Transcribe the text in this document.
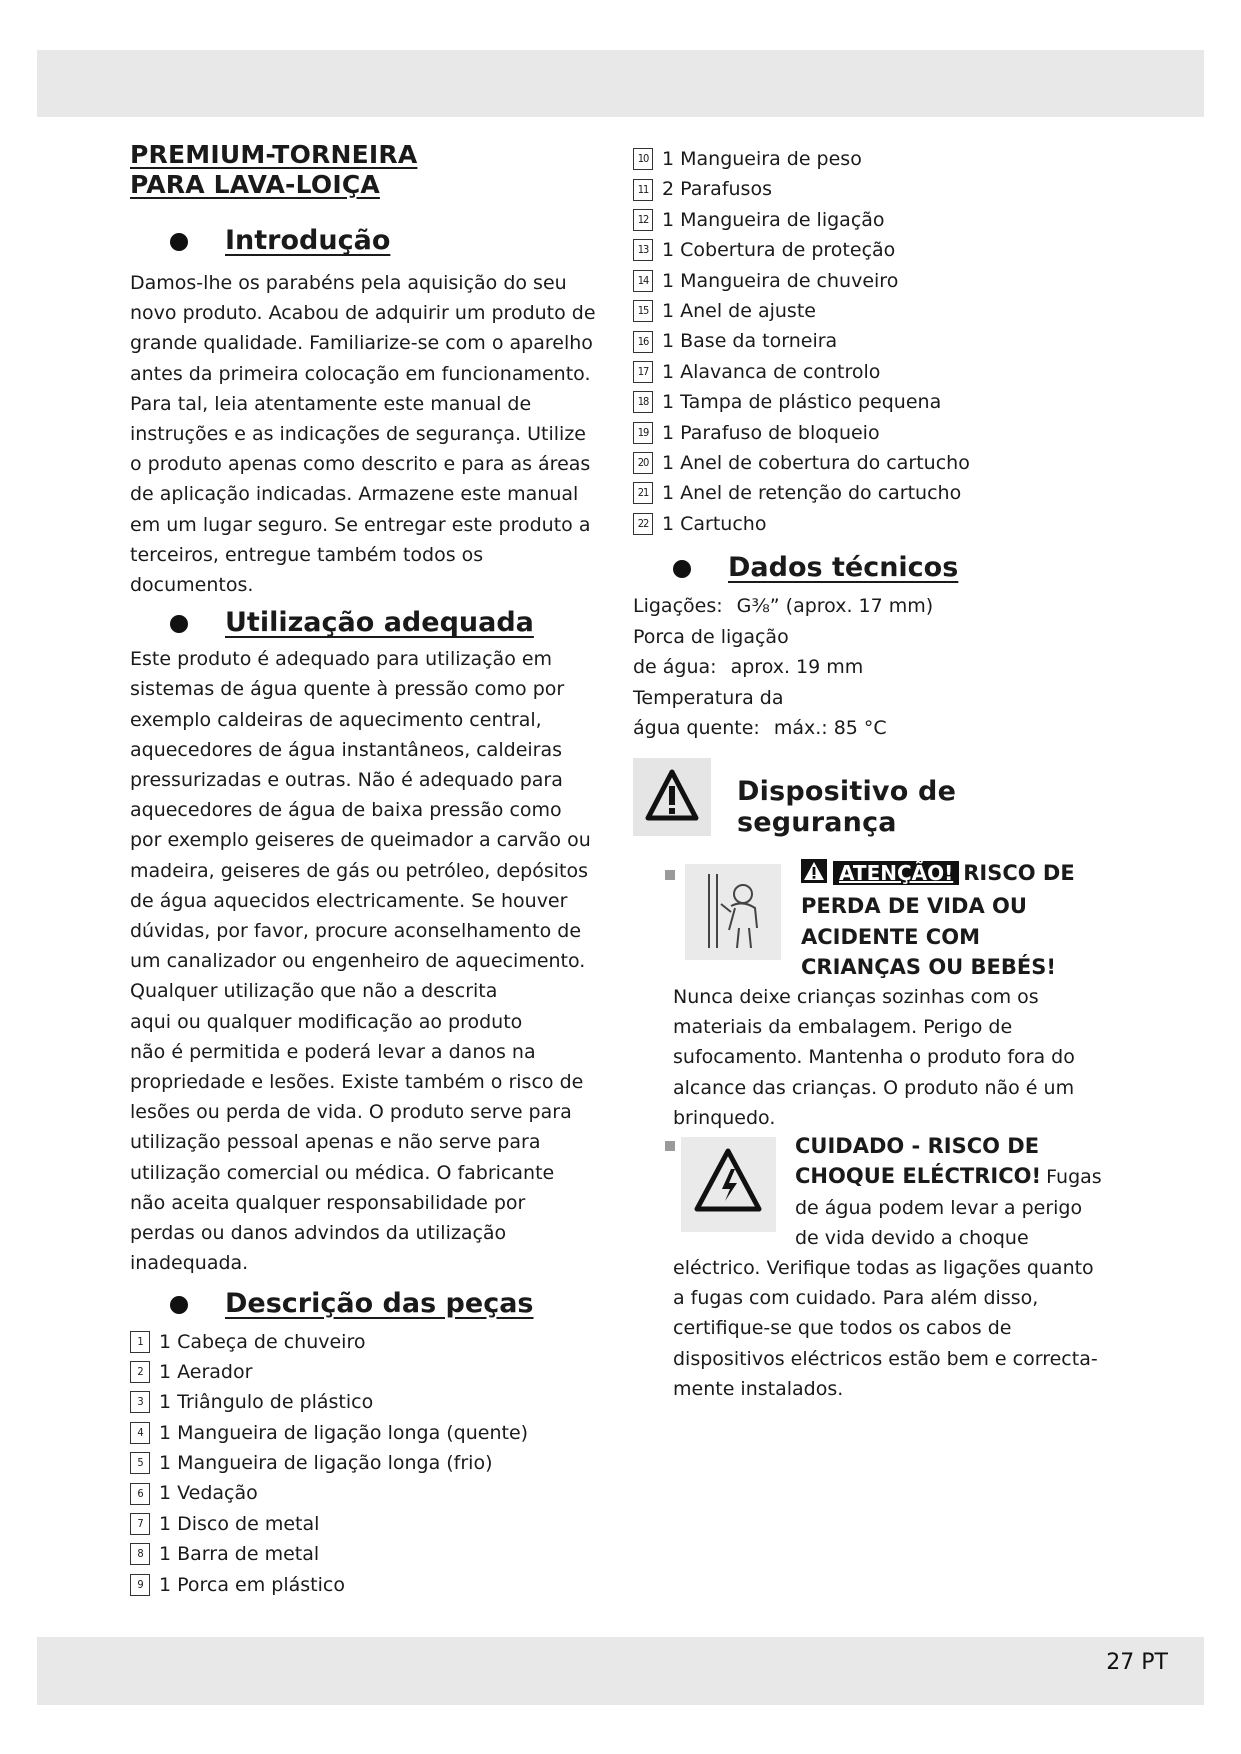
PREMIUM-TORNEIRA
PARA LAVA-LOIÇA
Introdução

Damos-lhe os parabéns pela aquisição do seu

novo produto. Acabou de adquirir um produto de

grande qualidade. Familiarize-se com o aparelho

antes da primeira colocação em funcionamento.

Para tal, leia atentamente este manual de

instruções e as indicações de segurança. Utilize

o produto apenas como descrito e para as áreas

de aplicação indicadas. Armazene este manual

em um lugar seguro. Se entregar este produto a

terceiros, entregue também todos os documentos.

Utilização adequada

Este produto é adequado para utilização em

sistemas de água quente à pressão como por

exemplo caldeiras de aquecimento central,

aquecedores de água instantâneos, caldeiras

pressurizadas e outras. Não é adequado para

aquecedores de água de baixa pressão como

por exemplo geiseres de queimador a carvão ou

madeira, geiseres de gás ou petróleo, depósitos

de água aquecidos electricamente. Se houver

dúvidas, por favor, procure aconselhamento de

um canalizador ou engenheiro de aquecimento.

Qualquer utilização que não a descrita

aqui ou qualquer modificação ao produto

não é permitida e poderá levar a danos na

propriedade e lesões. Existe também o risco de

lesões ou perda de vida. O produto serve para

utilização pessoal apenas e não serve para

utilização comercial ou médica. O fabricante

não aceita qualquer responsabilidade por

perdas ou danos advindos da utilização

inadequada.

Descrição das peças
1 1 Cabeça de chuveiro
2 1 Aerador
3 1 Triângulo de plástico
4 1 Mangueira de ligação longa (quente)
5 1 Mangueira de ligação longa (frio)
6 1 Vedação
7 1 Disco de metal
8 1 Barra de metal
9 1 Porca em plástico
10 1 Mangueira de peso
11 2 Parafusos
12 1 Mangueira de ligação
13 1 Cobertura de proteção
14 1 Mangueira de chuveiro
15 1 Anel de ajuste
16 1 Base da torneira
17 1 Alavanca de controlo
18 1 Tampa de plástico pequena
19 1 Parafuso de bloqueio
20 1 Anel de cobertura do cartucho
21 1 Anel de retenção do cartucho
22 1 Cartucho
Dados técnicos
Ligações: G⅜” (aprox. 17 mm)
Porca de ligação
de água: aprox. 19 mm
Temperatura da
água quente: máx.: 85 °C
Dispositivo de segurança
ATENÇÃO! RISCO DE
PERDA DE VIDA OU
ACIDENTE COM
CRIANÇAS OU BEBÉS!

Nunca deixe crianças sozinhas com os

materiais da embalagem. Perigo de

sufocamento. Mantenha o produto fora do

alcance das crianças. O produto não é um

brinquedo.

CUIDADO - RISCO DE
CHOQUE ELÉCTRICO! Fugas

de água podem levar a perigo

de vida devido a choque

eléctrico. Verifique todas as ligações quanto

a fugas com cuidado. Para além disso,

certifique-se que todos os cabos de

dispositivos eléctricos estão bem e correcta-

mente instalados.

27 PT
